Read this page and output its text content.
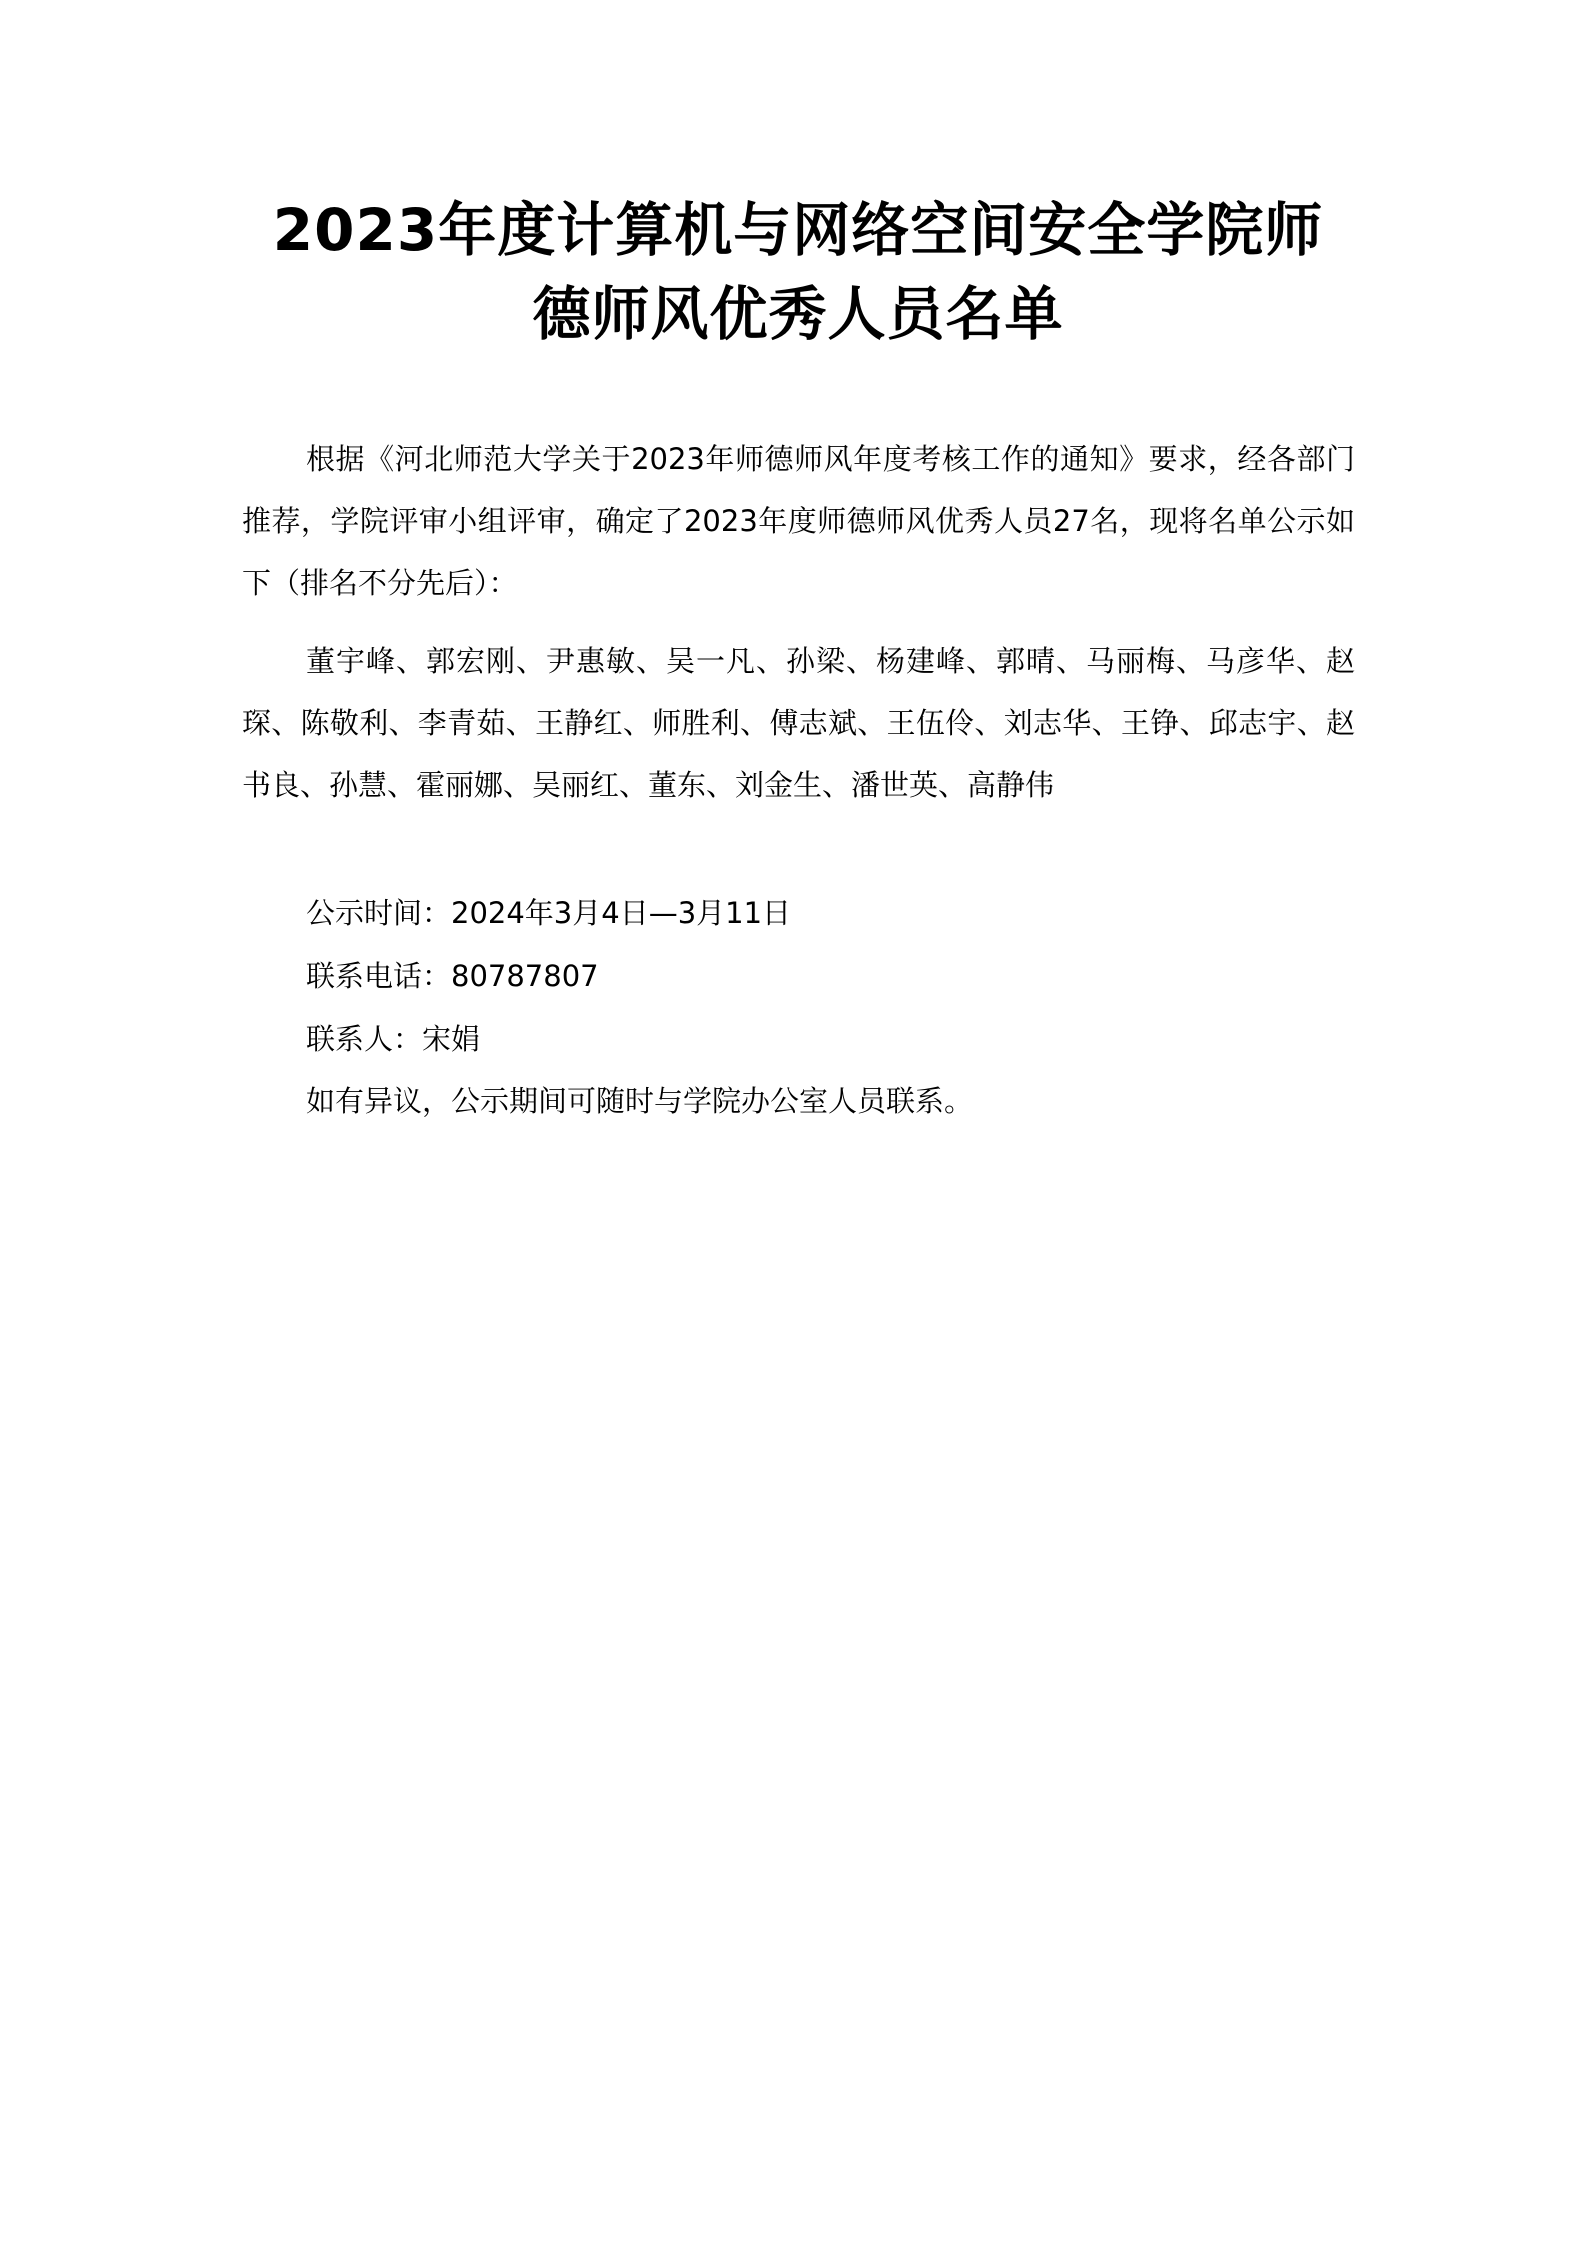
2023年度计算机与网络空间安全学院师
德师风优秀人员名单

根据《河北师范大学关于2023年师德师风年度考核工作的通知》要求，经各部门推荐，学院评审小组评审，确定了2023年度师德师风优秀人员27名，现将名单公示如下（排名不分先后）：

董宇峰、郭宏刚、尹惠敏、吴一凡、孙梁、杨建峰、郭晴、马丽梅、马彦华、赵琛、陈敬利、李青茹、王静红、师胜利、傅志斌、王伍伶、刘志华、王铮、邱志宇、赵书良、孙慧、霍丽娜、吴丽红、董东、刘金生、潘世英、高静伟

公示时间：2024年3月4日—3月11日

联系电话：80787807

联系人：宋娟

如有异议，公示期间可随时与学院办公室人员联系。
